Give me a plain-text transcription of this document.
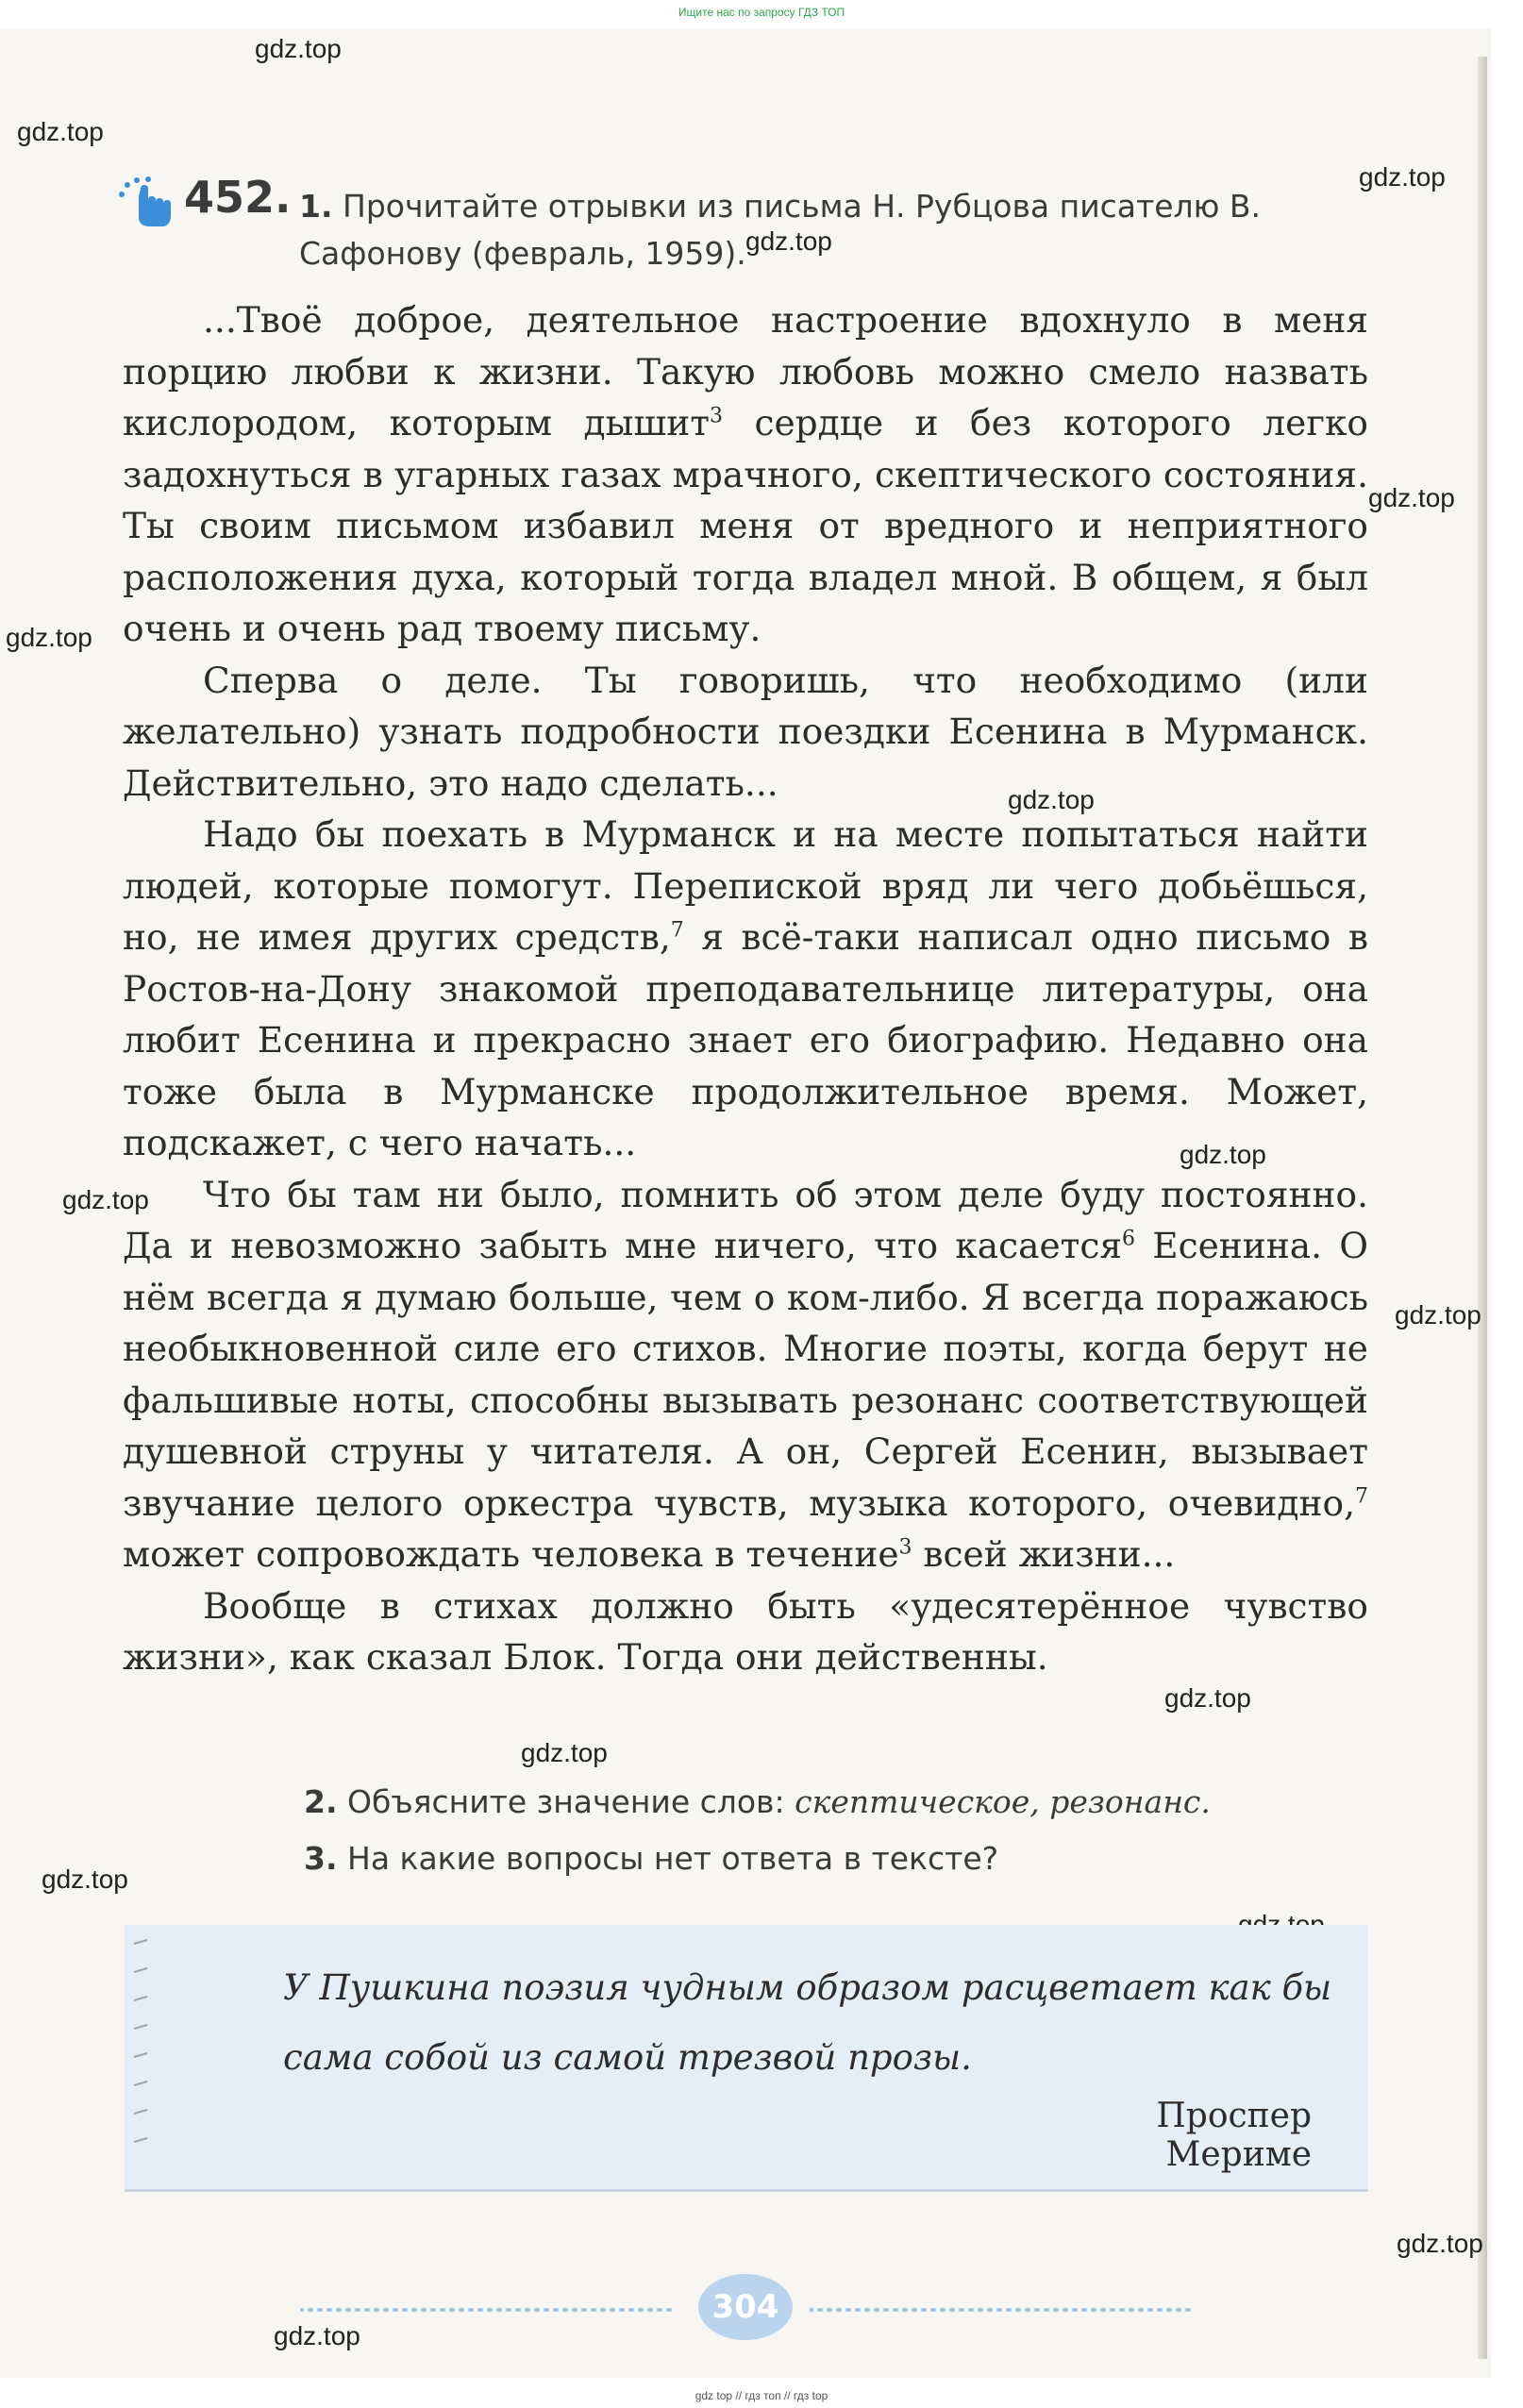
Ищите нас по запросу ГДЗ ТОП
gdz.top
gdz.top
gdz.top
gdz.top
gdz.top
gdz.top
gdz.top
gdz.top
gdz.top
gdz.top
gdz.top
gdz.top
gdz.top
gdz.top
gdz.top
452. 1. Прочитайте отрывки из письма Н. Рубцова писателю В. Сафонову (февраль, 1959).

...Твоё доброе, деятельное настроение вдохнуло в меня порцию любви к жизни. Такую любовь можно смело назвать кислородом, которым дышит$^3$ сердце и без которого легко задохнуться в угарных газах мрачного, скептического состояния. Ты своим письмом избавил меня от вредного и неприятного расположения духа, который тогда владел мной. В общем, я был очень и очень рад твоему письму.

Сперва о деле. Ты говоришь, что необходимо (или желательно) узнать подробности поездки Есенина в Мурманск. Действительно, это надо сделать...

Надо бы поехать в Мурманск и на месте попытаться найти людей, которые помогут. Перепиской вряд ли чего добьёшься, но, не имея других средств,$^7$ я всё-таки написал одно письмо в Ростов-на-Дону знакомой преподавательнице литературы, она любит Есенина и прекрасно знает его биографию. Недавно она тоже была в Мурманске продолжительное время. Может, подскажет, с чего начать...

Что бы там ни было, помнить об этом деле буду постоянно. Да и невозможно забыть мне ничего, что касается$^6$ Есенина. О нём всегда я думаю больше, чем о ком-либо. Я всегда поражаюсь необыкновенной силе его стихов. Многие поэты, когда берут не фальшивые ноты, способны вызывать резонанс соответствующей душевной струны у читателя. А он, Сергей Есенин, вызывает звучание целого оркестра чувств, музыка которого, очевидно,$^7$ может сопровождать человека в течение$^3$ всей жизни...

Вообще в стихах должно быть «удесятерённое чувство жизни», как сказал Блок. Тогда они действенны.

2. Объясните значение слов: скептическое, резонанс.
3. На какие вопросы нет ответа в тексте?
У Пушкина поэзия чудным образом расцветает как бы
сама собой из самой трезвой прозы.
Проспер Мериме
304
gdz top // гдз топ // гдз top
